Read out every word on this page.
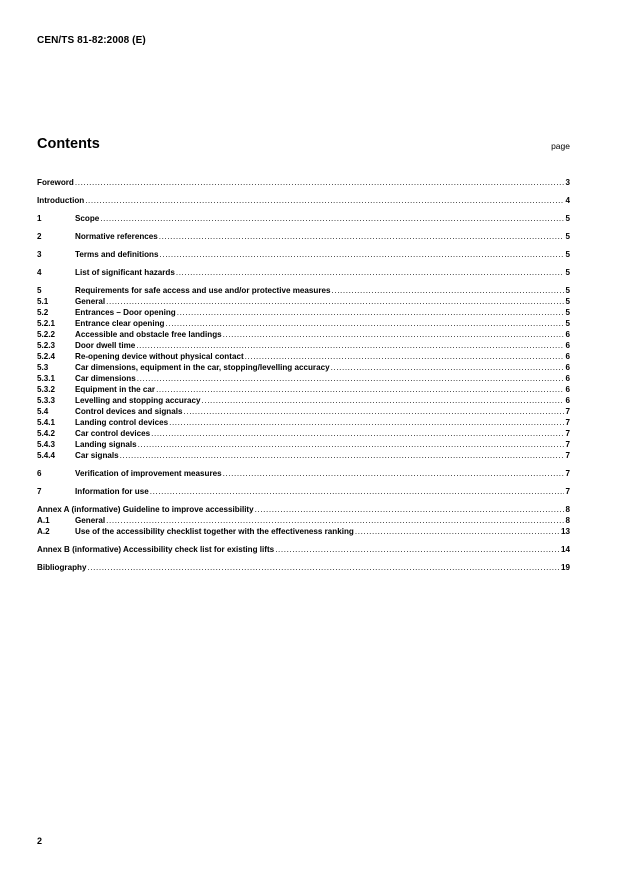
CEN/TS 81-82:2008 (E)
Contents	page
Foreword .....	3
Introduction .....	4
1	Scope .....	5
2	Normative references .....	5
3	Terms and definitions .....	5
4	List of significant hazards .....	5
5	Requirements for safe access and use and/or protective measures .....	5
5.1	General .....	5
5.2	Entrances – Door opening .....	5
5.2.1	Entrance clear opening .....	5
5.2.2	Accessible and obstacle free landings .....	6
5.2.3	Door dwell time .....	6
5.2.4	Re-opening device without physical contact .....	6
5.3	Car dimensions, equipment in the car, stopping/levelling accuracy .....	6
5.3.1	Car dimensions .....	6
5.3.2	Equipment in the car .....	6
5.3.3	Levelling and stopping accuracy .....	6
5.4	Control devices and signals .....	7
5.4.1	Landing control devices .....	7
5.4.2	Car control devices .....	7
5.4.3	Landing signals .....	7
5.4.4	Car signals .....	7
6	Verification of improvement measures .....	7
7	Information for use .....	7
Annex A (informative) Guideline to improve accessibility .....	8
A.1	General .....	8
A.2	Use of the accessibility checklist together with the effectiveness ranking .....	13
Annex B (informative) Accessibility check list for existing lifts .....	14
Bibliography .....	19
2
